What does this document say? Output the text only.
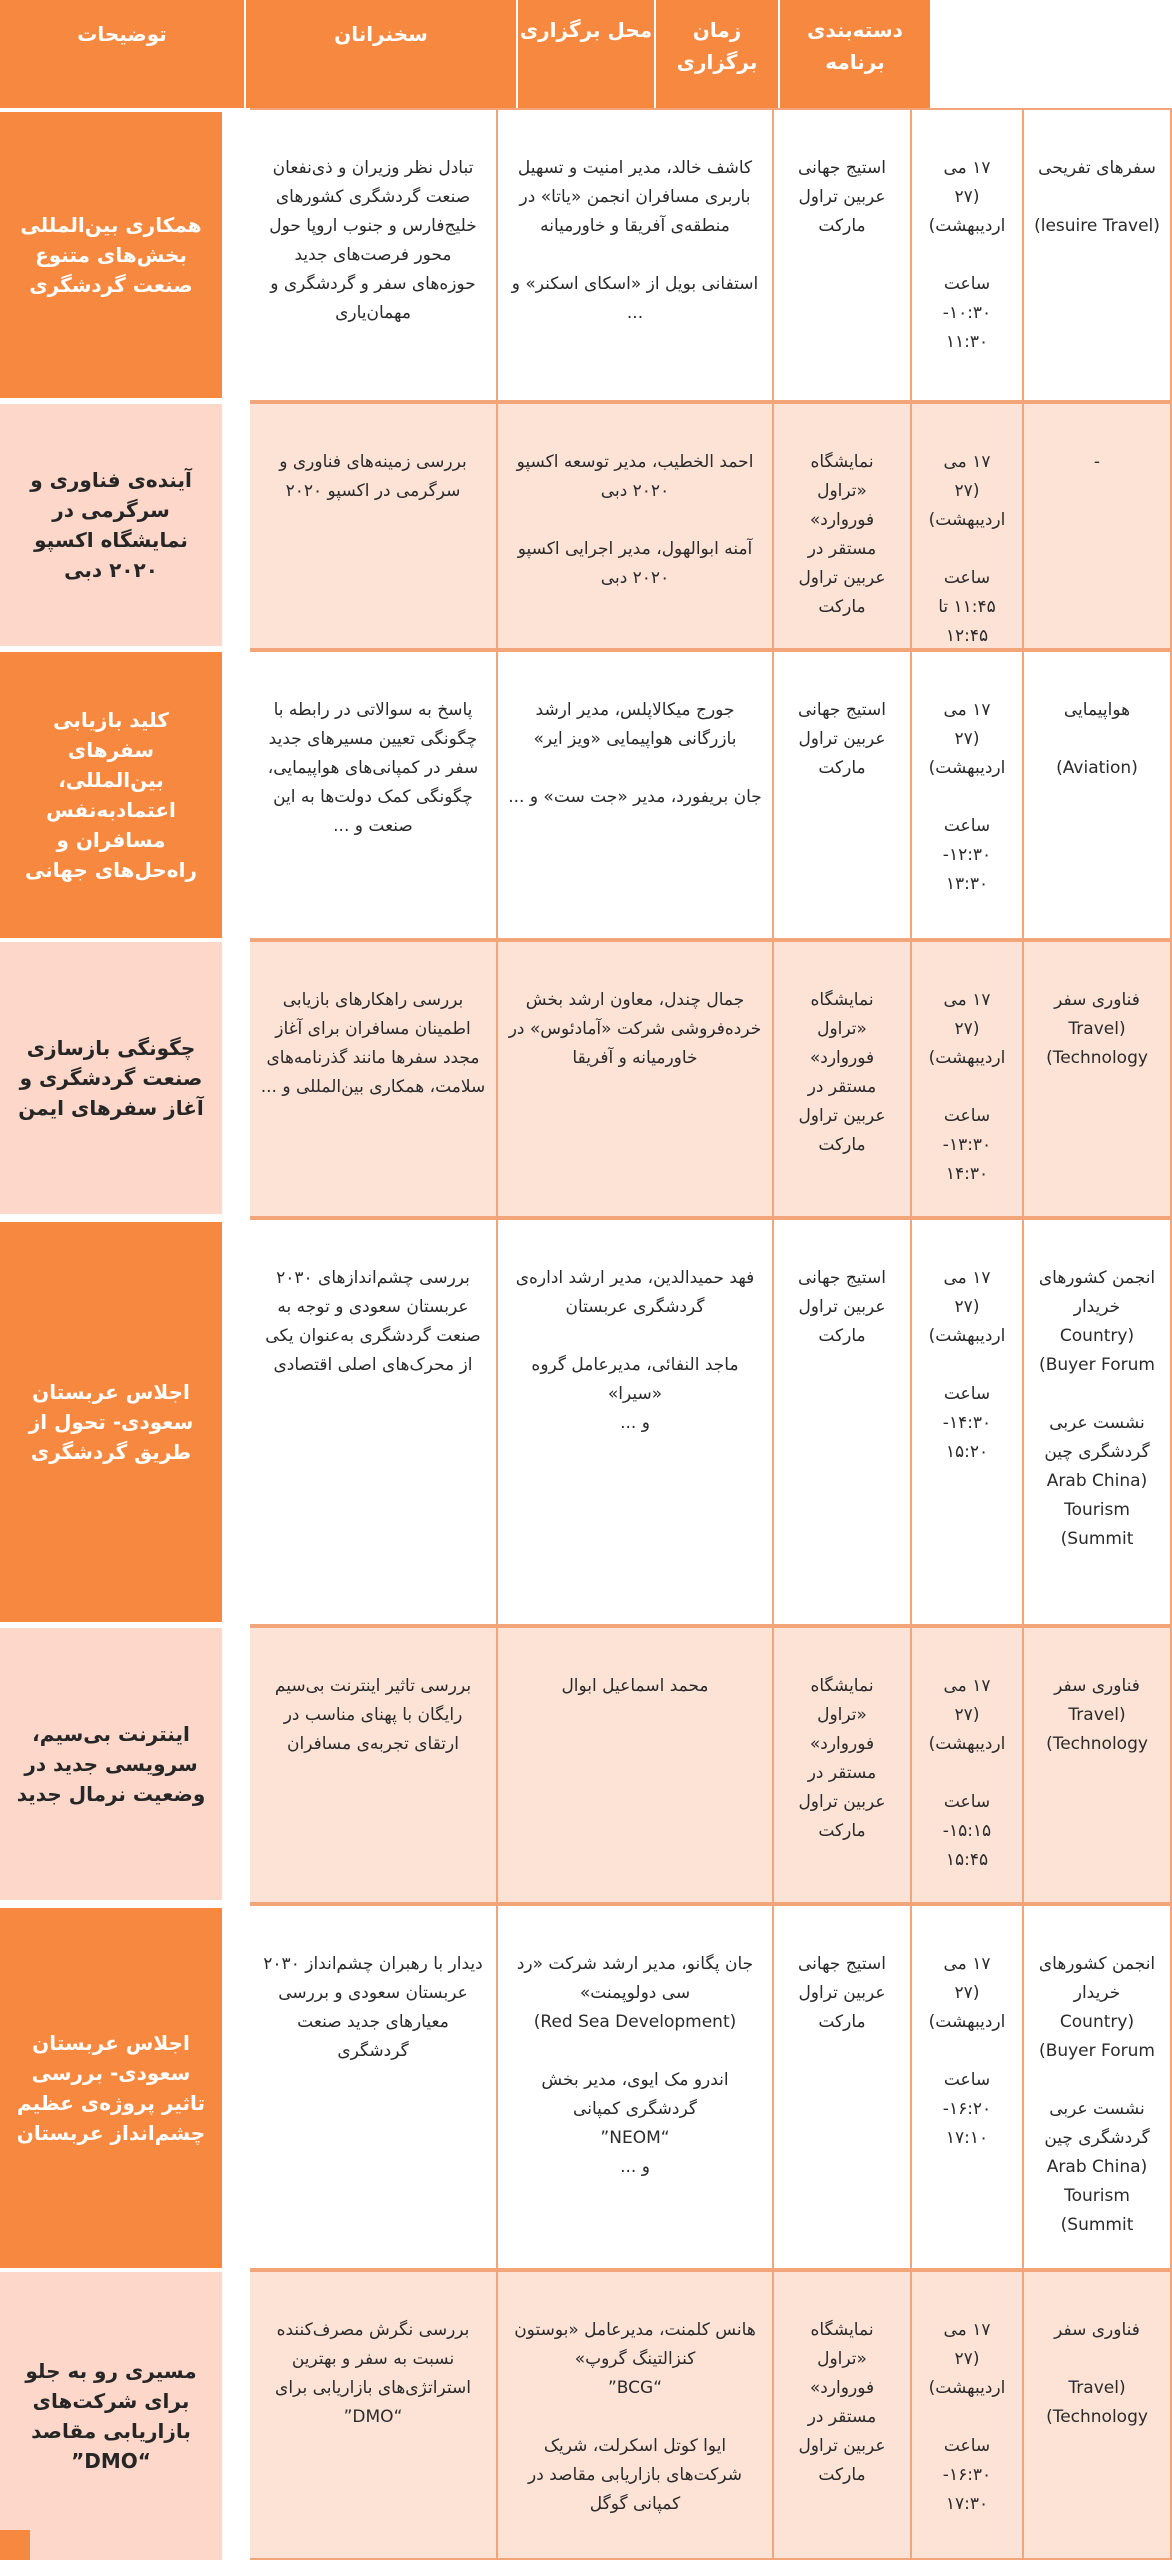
دسته‌بندی برنامه
زمان برگزاری
محل برگزاری
سخنرانان
توضیحات
همکاری بین‌المللی بخش‌های متنوع صنعت گردشگری
سفرهای تفریحی

(lesuire Travel)
۱۷ می
(۲۷ اردیبهشت)

ساعت
۱۰:۳۰-
۱۱:۳۰
استیج جهانی عربین تراول مارکت
کاشف خالد، مدیر امنیت و تسهیل باربری مسافران انجمن «یاتا» در منطقه‌ی آفریقا و خاورمیانه

استفانی بویل از «اسکای اسکنر» و ...
تبادل نظر وزیران و ذی‌نفعان صنعت گردشگری کشورهای خلیج‌فارس و جنوب اروپا حول محور فرصت‌های جدید حوزه‌های سفر و گردشگری و مهمان‌یاری
آینده‌ی فناوری و سرگرمی در نمایشگاه اکسپو ۲۰۲۰ دبی
-
۱۷ می
(۲۷ اردیبهشت)

ساعت
۱۱:۴۵ تا
۱۲:۴۵
نمایشگاه «تراول فوروارد» مستقر در عربین تراول مارکت
احمد الخطیب، مدیر توسعه اکسپو ۲۰۲۰ دبی

آمنه ابوالهول، مدیر اجرایی اکسپو ۲۰۲۰ دبی
بررسی زمینه‌های فناوری و سرگرمی در اکسپو ۲۰۲۰
کلید بازیابی سفرهای بین‌المللی، اعتمادبه‌نفس مسافران و راه‌حل‌های جهانی
هواپیمایی

(Aviation)
۱۷ می
(۲۷ اردیبهشت)

ساعت
۱۲:۳۰-
۱۳:۳۰
استیج جهانی عربین تراول مارکت
جورج میکالاپلس، مدیر ارشد بازرگانی هواپیمایی «ویز ایر»

جان بریفورد، مدیر «جت ست» و ...
پاسخ به سوالاتی در رابطه با چگونگی تعیین مسیرهای جدید سفر در کمپانی‌های هواپیمایی، چگونگی کمک دولت‌ها به این صنعت و ...
چگونگی بازسازی صنعت گردشگری و آغاز سفرهای ایمن
فناوری سفر
(Travel Technology)
۱۷ می
(۲۷ اردیبهشت)

ساعت
۱۳:۳۰-
۱۴:۳۰
نمایشگاه «تراول فوروارد» مستقر در عربین تراول مارکت
جمال چندل، معاون ارشد بخش خرده‌فروشی شرکت «آمادئوس» در خاورمیانه و آفریقا
بررسی راهکارهای بازیابی اطمینان مسافران برای آغاز مجدد سفرها مانند گذرنامه‌های سلامت، همکاری بین‌المللی و ...
اجلاس عربستان سعودی- تحول از طریق گردشگری
انجمن کشورهای خریدار
(Country Buyer Forum)

نشست عربی گردشگری چین
(Arab China Tourism Summit)
۱۷ می
(۲۷ اردیبهشت)

ساعت
۱۴:۳۰-
۱۵:۲۰
استیج جهانی عربین تراول مارکت
فهد حمیدالدین، مدیر ارشد اداره‌ی گردشگری عربستان

ماجد النفائی، مدیرعامل گروه «سیرا»
و ...
بررسی چشم‌اندازهای ۲۰۳۰ عربستان سعودی و توجه به صنعت گردشگری به‌عنوان یکی از محرک‌های اصلی اقتصادی
اینترنت بی‌سیم، سرویسی جدید در وضعیت نرمال جدید
فناوری سفر
(Travel Technology)
۱۷ می
(۲۷ اردیبهشت)

ساعت
۱۵:۱۵-
۱۵:۴۵
نمایشگاه «تراول فوروارد» مستقر در عربین تراول مارکت
محمد اسماعیل ابوال
بررسی تاثیر اینترنت بی‌سیم رایگان با پهنای مناسب در ارتقای تجربه‌ی مسافران
اجلاس عربستان سعودی- بررسی تاثیر پروژه‌ی عظیم چشم‌انداز عربستان
انجمن کشورهای خریدار
(Country Buyer Forum)

نشست عربی گردشگری چین
(Arab China Tourism Summit)
۱۷ می
(۲۷ اردیبهشت)

ساعت
۱۶:۲۰-
۱۷:۱۰
استیج جهانی عربین تراول مارکت
جان پگانو، مدیر ارشد شرکت «رد سی دولوپمنت»
(Red Sea Development)

اندرو مک ایوی، مدیر بخش گردشگری کمپانی
“NEOM”
و ...
دیدار با رهبران چشم‌انداز ۲۰۳۰ عربستان سعودی و بررسی معیارهای جدید صنعت گردشگری
مسیری رو به جلو برای شرکت‌های بازاریابی مقاصد
“DMO”
فناوری سفر

(Travel Technology)
۱۷ می
(۲۷ اردیبهشت)

ساعت
۱۶:۳۰-
۱۷:۳۰
نمایشگاه «تراول فوروارد» مستقر در عربین تراول مارکت
هانس کلمنت، مدیرعامل «بوستون کنزالتینگ گروپ»
“BCG”

ایوا کوتل اسکرلت، شریک شرکت‌های بازاریابی مقاصد در کمپانی گوگل
بررسی نگرش مصرف‌کننده نسبت به سفر و بهترین استراتژی‌های بازاریابی برای
“DMO”
